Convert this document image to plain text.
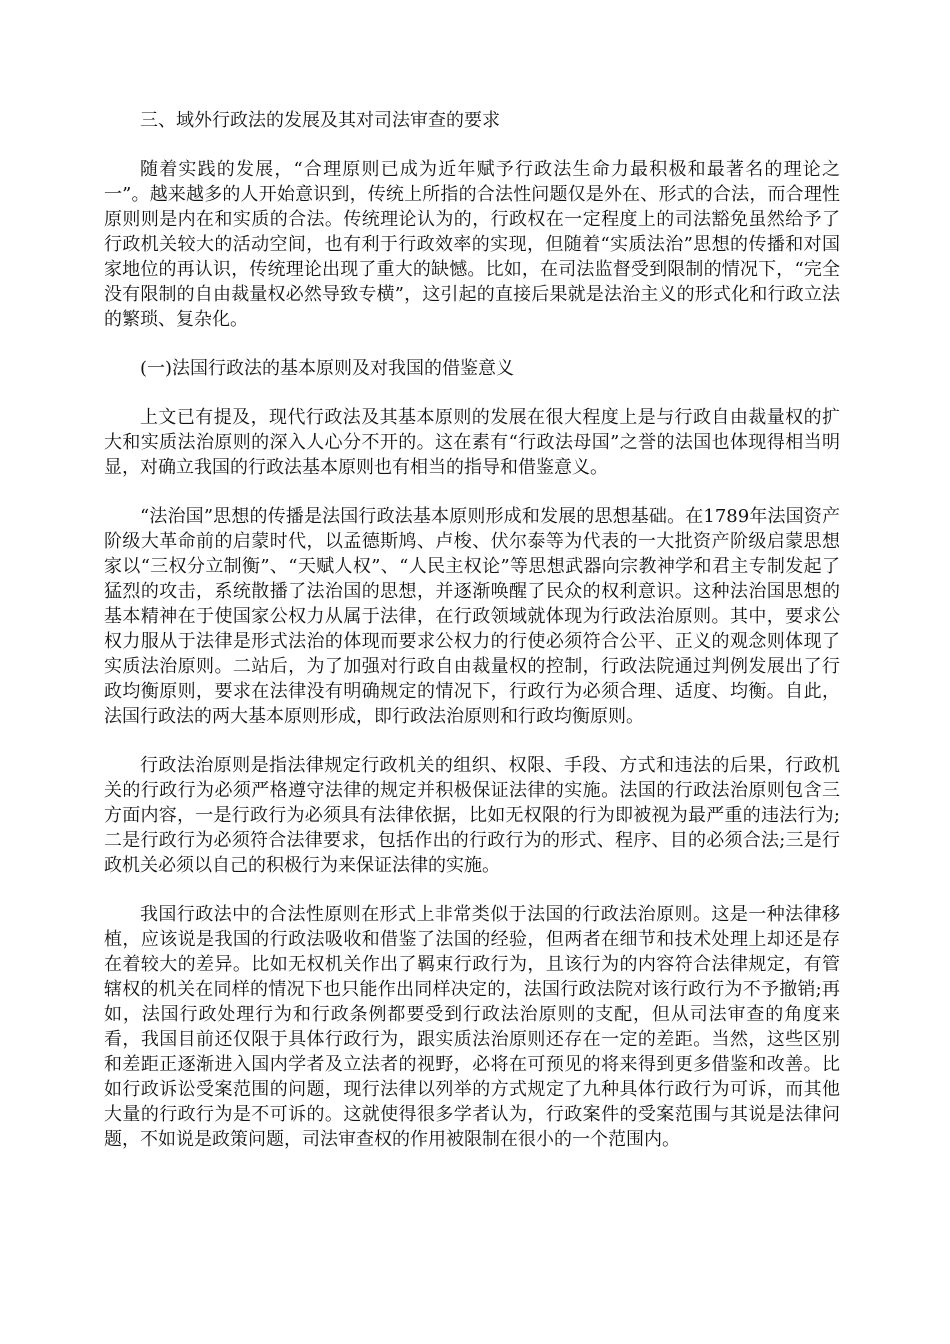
三、域外行政法的发展及其对司法审查的要求

随着实践的发展，“合理原则已成为近年赋予行政法生命力最积极和最著名的理论之一”。越来越多的人开始意识到，传统上所指的合法性问题仅是外在、形式的合法，而合理性原则则是内在和实质的合法。传统理论认为的，行政权在一定程度上的司法豁免虽然给予了行政机关较大的活动空间，也有利于行政效率的实现，但随着“实质法治”思想的传播和对国家地位的再认识，传统理论出现了重大的缺憾。比如，在司法监督受到限制的情况下，“完全没有限制的自由裁量权必然导致专横”，这引起的直接后果就是法治主义的形式化和行政立法的繁琐、复杂化。

(一)法国行政法的基本原则及对我国的借鉴意义

上文已有提及，现代行政法及其基本原则的发展在很大程度上是与行政自由裁量权的扩大和实质法治原则的深入人心分不开的。这在素有“行政法母国”之誉的法国也体现得相当明显，对确立我国的行政法基本原则也有相当的指导和借鉴意义。

“法治国”思想的传播是法国行政法基本原则形成和发展的思想基础。在1789年法国资产阶级大革命前的启蒙时代，以孟德斯鸠、卢梭、伏尔泰等为代表的一大批资产阶级启蒙思想家以“三权分立制衡”、“天赋人权”、“人民主权论”等思想武器向宗教神学和君主专制发起了猛烈的攻击，系统散播了法治国的思想，并逐渐唤醒了民众的权利意识。这种法治国思想的基本精神在于使国家公权力从属于法律，在行政领域就体现为行政法治原则。其中，要求公权力服从于法律是形式法治的体现而要求公权力的行使必须符合公平、正义的观念则体现了实质法治原则。二站后，为了加强对行政自由裁量权的控制，行政法院通过判例发展出了行政均衡原则，要求在法律没有明确规定的情况下，行政行为必须合理、适度、均衡。自此，法国行政法的两大基本原则形成，即行政法治原则和行政均衡原则。

行政法治原则是指法律规定行政机关的组织、权限、手段、方式和违法的后果，行政机关的行政行为必须严格遵守法律的规定并积极保证法律的实施。法国的行政法治原则包含三方面内容，一是行政行为必须具有法律依据，比如无权限的行为即被视为最严重的违法行为;二是行政行为必须符合法律要求，包括作出的行政行为的形式、程序、目的必须合法;三是行政机关必须以自己的积极行为来保证法律的实施。

我国行政法中的合法性原则在形式上非常类似于法国的行政法治原则。这是一种法律移植，应该说是我国的行政法吸收和借鉴了法国的经验，但两者在细节和技术处理上却还是存在着较大的差异。比如无权机关作出了羁束行政行为，且该行为的内容符合法律规定，有管辖权的机关在同样的情况下也只能作出同样决定的，法国行政法院对该行政行为不予撤销;再如，法国行政处理行为和行政条例都要受到行政法治原则的支配，但从司法审查的角度来看，我国目前还仅限于具体行政行为，跟实质法治原则还存在一定的差距。当然，这些区别和差距正逐渐进入国内学者及立法者的视野，必将在可预见的将来得到更多借鉴和改善。比如行政诉讼受案范围的问题，现行法律以列举的方式规定了九种具体行政行为可诉，而其他大量的行政行为是不可诉的。这就使得很多学者认为，行政案件的受案范围与其说是法律问题，不如说是政策问题，司法审查权的作用被限制在很小的一个范围内。
